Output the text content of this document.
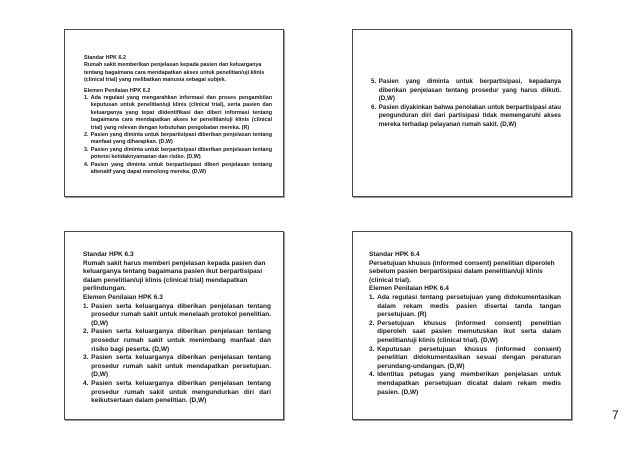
Standar HPK 6.2

Rumah sakit memberikan penjelasan kepada pasien dan keluarganya tentang bagaimana cara mendapatkan akses untuk penelitian/uji klinis (clinical trial) yang melibatkan manusia sebagai subjek.

Elemen Penilaian HPK 6.2

1. Ada regulasi yang mengarahkan informasi dan proses pengambilan keputusan untuk penelitian/uji klinis (clinical trial), serta pasien dan keluarganya yang tepat diidentifikasi dan diberi informasi tentang bagaimana cara mendapatkan akses ke penelitian/uji klinis (clinical trial) yang relevan dengan kebutuhan pengobatan mereka. (R)
2. Pasien yang diminta untuk berpartisipasi diberikan penjelasan tentang manfaat yang diharapkan. (D,W)
3. Pasien yang diminta untuk berpartisipasi diberikan penjelasan tentang potensi ketidaknyamanan dan risiko. (D,W)
4. Pasien yang diminta untuk berpartisipasi diberi penjelasan tentang altenatif yang dapat menolong mereka. (D,W)
5. Pasien yang diminta untuk berpartisipasi, kepadanya diberikan penjelasan tentang prosedur yang harus diikuti. (D,W)
6. Pasien diyakinkan bahwa penolakan untuk berpartisipasi atau pengunduran diri dari partisipasi tidak memengaruhi akses mereka terhadap pelayanan rumah sakit. (D,W)

Standar HPK 6.3

Rumah sakit harus memberi penjelasan kepada pasien dan keluarganya tentang bagaimana pasien ikut berpartisipasi dalam penelitian/uji klinis (clinical trial) mendapatkan perlindungan.

Elemen Penilaian HPK 6.3

1. Pasien serta keluarganya diberikan penjelasan tentang prosedur rumah sakit untuk menelaah protokol penelitian. (D,W)
2. Pasien serta keluarganya diberikan penjelasan tentang prosedur rumah sakit untuk menimbang manfaat dan risiko bagi peserta. (D,W)
3. Pasien serta keluarganya diberikan penjelasan tentang prosedur rumah sakit untuk mendapatkan persetujuan. (D,W)
4. Pasien serta keluarganya diberikan penjelasan tentang prosedur rumah sakit untuk mengundurkan diri dari keikutsertaan dalam penelitian. (D,W)

Standar HPK 6.4

Persetujuan khusus (informed consent) penelitian diperoleh sebelum pasien berpartisipasi dalam penelitian/uji klinis (clinical trial).

Elemen Penilaian HPK 6.4

1. Ada regulasi tentang persetujuan yang didokumentasikan dalam rekam medis pasien disertai tanda tangan persetujuan. (R)
2. Persetujuan khusus (informed consent) penelitian diperoleh saat pasien memutuskan ikut serta dalam penelitian/uji klinis (clinical trial). (D,W)
3. Keputusan persetujuan khusus (informed consent) penelitian didokumentasikan sesuai dengan peraturan perundang-undangan. (D,W)
4. Identitas petugas yang memberikan penjelasan untuk mendapatkan persetujuan dicatat dalam rekam medis pasien. (D,W)
7
